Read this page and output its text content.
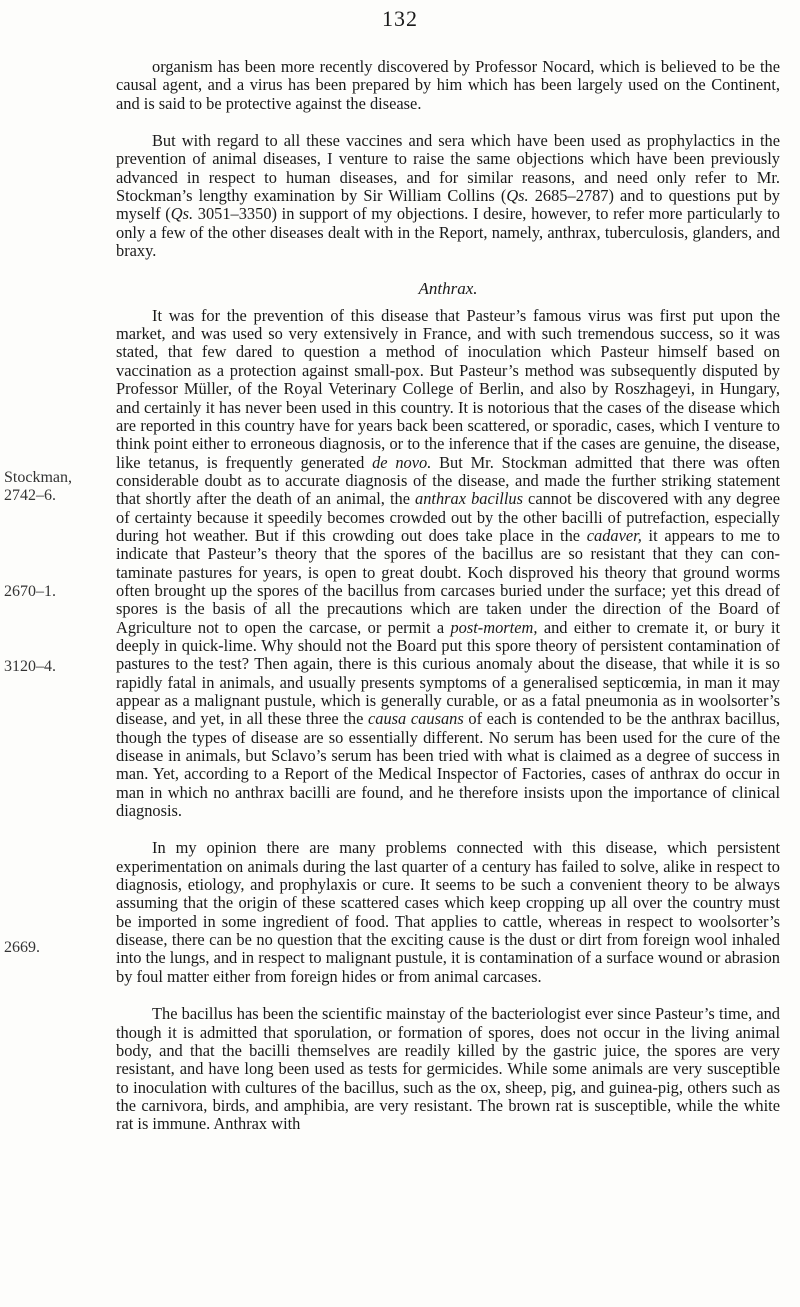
132
Stockman,
2742–6.
2670–1.
3120–4.
2669.

organism has been more recently discovered by Professor Nocard, which is believed to be the causal agent, and a virus has been prepared by him which has been largely used on the Continent, and is said to be protective against the disease.

But with regard to all these vaccines and sera which have been used as prophylactics in the prevention of animal diseases, I venture to raise the same objections which have been previously advanced in respect to human diseases, and for similar reasons, and need only refer to Mr. Stockman’s lengthy examination by Sir William Collins (Qs. 2685–2787) and to questions put by myself (Qs. 3051–3350) in support of my objections. I desire, however, to refer more particularly to only a few of the other diseases dealt with in the Report, namely, anthrax, tuberculosis, glanders, and braxy.

Anthrax.

It was for the prevention of this disease that Pasteur’s famous virus was first put upon the market, and was used so very extensively in France, and with such tremendous success, so it was stated, that few dared to question a method of inoculation which Pasteur himself based on vaccination as a protection against small-pox. But Pasteur’s method was subsequently disputed by Professor Müller, of the Royal Veterinary College of Berlin, and also by Roszhageyi, in Hungary, and certainly it has never been used in this country. It is notorious that the cases of the disease which are reported in this country have for years back been scattered, or sporadic, cases, which I venture to think point either to erroneous diagnosis, or to the inference that if the cases are genuine, the disease, like tetanus, is frequently generated de novo. But Mr. Stockman admitted that there was often considerable doubt as to accurate diagnosis of the disease, and made the further striking statement that shortly after the death of an animal, the anthrax bacillus cannot be discovered with any degree of certainty because it speedily becomes crowded out by the other bacilli of putrefaction, especially during hot weather. But if this crowding out does take place in the cadaver, it appears to me to indicate that Pasteur’s theory that the spores of the bacillus are so resistant that they can con-taminate pastures for years, is open to great doubt. Koch disproved his theory that ground worms often brought up the spores of the bacillus from carcases buried under the surface; yet this dread of spores is the basis of all the precautions which are taken under the direction of the Board of Agriculture not to open the carcase, or permit a post-mortem, and either to cremate it, or bury it deeply in quick-lime. Why should not the Board put this spore theory of persistent contamination of pastures to the test? Then again, there is this curious anomaly about the disease, that while it is so rapidly fatal in animals, and usually presents symptoms of a generalised septicœmia, in man it may appear as a malignant pustule, which is generally curable, or as a fatal pneumonia as in woolsorter’s disease, and yet, in all these three the causa causans of each is contended to be the anthrax bacillus, though the types of disease are so essentially different. No serum has been used for the cure of the disease in animals, but Sclavo’s serum has been tried with what is claimed as a degree of success in man. Yet, according to a Report of the Medical Inspector of Factories, cases of anthrax do occur in man in which no anthrax bacilli are found, and he therefore insists upon the importance of clinical diagnosis.

In my opinion there are many problems connected with this disease, which persistent experimentation on animals during the last quarter of a century has failed to solve, alike in respect to diagnosis, etiology, and prophylaxis or cure. It seems to be such a convenient theory to be always assuming that the origin of these scattered cases which keep cropping up all over the country must be imported in some ingredient of food. That applies to cattle, whereas in respect to woolsorter’s disease, there can be no question that the exciting cause is the dust or dirt from foreign wool inhaled into the lungs, and in respect to malignant pustule, it is contamination of a surface wound or abrasion by foul matter either from foreign hides or from animal carcases.

The bacillus has been the scientific mainstay of the bacteriologist ever since Pasteur’s time, and though it is admitted that sporulation, or formation of spores, does not occur in the living animal body, and that the bacilli themselves are readily killed by the gastric juice, the spores are very resistant, and have long been used as tests for germicides. While some animals are very susceptible to inoculation with cultures of the bacillus, such as the ox, sheep, pig, and guinea-pig, others such as the carnivora, birds, and amphibia, are very resistant. The brown rat is susceptible, while the white rat is immune. Anthrax with
